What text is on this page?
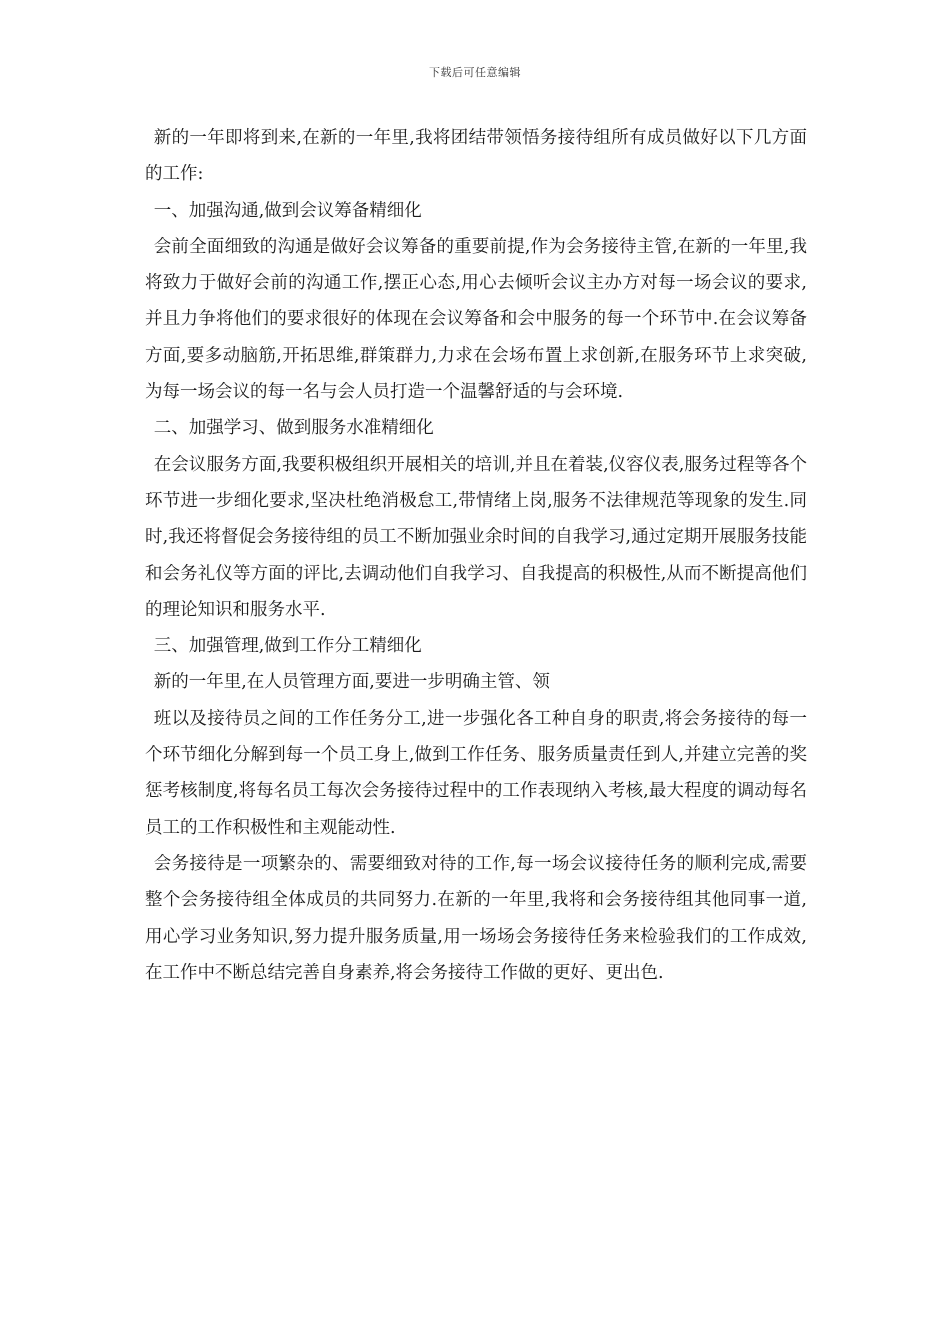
下载后可任意编辑

新的一年即将到来,在新的一年里,我将团结带领悟务接待组所有成员做好以下几方面的工作:

一、加强沟通,做到会议筹备精细化

会前全面细致的沟通是做好会议筹备的重要前提,作为会务接待主管,在新的一年里,我将致力于做好会前的沟通工作,摆正心态,用心去倾听会议主办方对每一场会议的要求,并且力争将他们的要求很好的体现在会议筹备和会中服务的每一个环节中.在会议筹备方面,要多动脑筋,开拓思维,群策群力,力求在会场布置上求创新,在服务环节上求突破,为每一场会议的每一名与会人员打造一个温馨舒适的与会环境.

二、加强学习、做到服务水准精细化

在会议服务方面,我要积极组织开展相关的培训,并且在着装,仪容仪表,服务过程等各个环节进一步细化要求,坚决杜绝消极怠工,带情绪上岗,服务不法律规范等现象的发生.同时,我还将督促会务接待组的员工不断加强业余时间的自我学习,通过定期开展服务技能和会务礼仪等方面的评比,去调动他们自我学习、自我提高的积极性,从而不断提高他们的理论知识和服务水平.

三、加强管理,做到工作分工精细化

新的一年里,在人员管理方面,要进一步明确主管、领

班以及接待员之间的工作任务分工,进一步强化各工种自身的职责,将会务接待的每一个环节细化分解到每一个员工身上,做到工作任务、服务质量责任到人,并建立完善的奖惩考核制度,将每名员工每次会务接待过程中的工作表现纳入考核,最大程度的调动每名员工的工作积极性和主观能动性.

会务接待是一项繁杂的、需要细致对待的工作,每一场会议接待任务的顺利完成,需要整个会务接待组全体成员的共同努力.在新的一年里,我将和会务接待组其他同事一道,用心学习业务知识,努力提升服务质量,用一场场会务接待任务来检验我们的工作成效,在工作中不断总结完善自身素养,将会务接待工作做的更好、更出色.
